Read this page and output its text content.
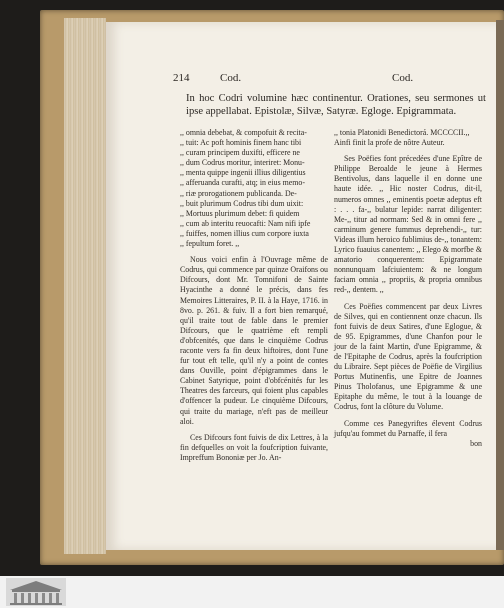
214	Cod.	Cod.
In hoc Codri volumine hæc continentur. Orationes, seu sermones ut ipse appellabat. Epistolæ, Silvæ, Satyræ. Egloge. Epigrammata.

,, omnia debebat, & compofuit & recita-
,, tuit: Ac poft hominis finem hanc tibi
,, curam principem duxifti, efficere ne
,, dum Codrus moritur, interiret: Monu-
,, menta quippe ingenii illius diligentius
,, afferuanda curafti, atq; in eius memo-
,, riæ prorogationem publicanda. De-
,, buit plurimum Codrus tibi dum uixit:
,, Mortuus plurimum debet: fi quidem
,, cum ab interitu reuocafti: Nam nifi ipfe
,, fuiffes, nomen illius cum corpore iuxta
,, fepultum foret. ,,

Nous voici enfin à l'Ouvrage même de Codrus, qui commence par quinze Oraifons ou Difcours, dont Mr. Tomnifoni de Sainte Hyacinthe a donné le précis, dans fes Memoires Litteraires, P. II. à la Haye, 1716. in 8vo. p. 261. & fuiv. Il a fort bien remarqué, qu'il traite tout de fable dans le premier Difcours, que le quatrième eft rempli d'obfcenités, que dans le cinquième Codrus raconte vers fa fin deux hiftoires, dont l'une fur tout eft telle, qu'il n'y a point de contes dans Ouville, point d'épigrammes dans le Cabinet Satyrique, point d'obfcénités fur les Theatres des farceurs, qui foient plus capables d'offencer la pudeur. Le cinquième Difcours, qui traite du mariage, n'eft pas de meilleur aloi.

Ces Difcours font fuivis de dix Lettres, à la fin defquelles on voit la foufcription fuivante, Impreffum Bononiæ per Jo. An-

,, tonia Platonidi Benedictorá. MCCCCII.,,

Ainfi finit la profe de nôtre Auteur.

Ses Poëfies font précedées d'une Epître de Philippe Beroalde le jeune à Hermes Bentivolus, dans laquelle il en donne une haute idée. ,, Hic noster Codrus, dit-il, numeros omnes ,, eminentis poetæ adeptus eft : . . . fa-,, bulatur lepide: narrat diligenter: Me-,, titur ad normam: Sed & in omni fere ,, carminum genere fummus deprehendi-,, tur: Videas illum heroico fublimius de-,, tonantem: Lyrico fuauius canentem: ,, Elego & morfbe & amatorio conquerentem: Epigrammate nonnunquam lafciuientem: & ne longum faciam omnia ,, propriis, & propria omnibus red-,, dentem. ,,

Ces Poëfies commencent par deux Livres de Silves, qui en contiennent onze chacun. Ils font fuivis de deux Satires, d'une Eglogue, & de 95. Epigrammes, d'une Chanfon pour le jour de la faint Martin, d'une Epigramme, & de l'Epitaphe de Codrus, après la foufcription du Libraire. Sept pièces de Poëfie de Virgilius Portus Mutinenfis, une Epitre de Joannes Pinus Tholofanus, une Epigramme & une Epitaphe du même, le tout à la louange de Codrus, font la clôture du Volume.

Comme ces Panegyriftes élevent Codrus jufqu'au fommet du Parnaffe, il fera

bon
